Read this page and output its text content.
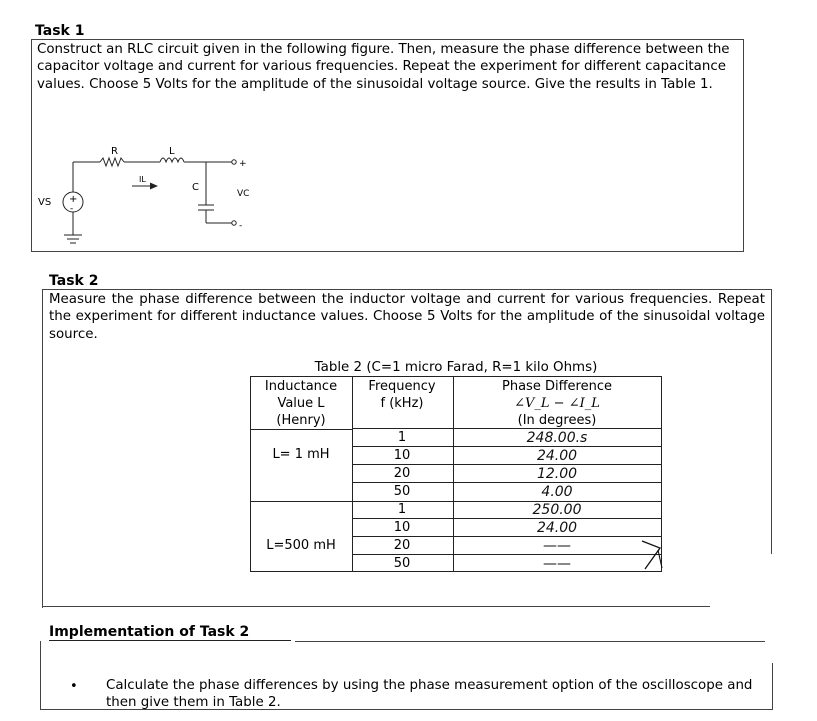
Task 1
Construct an RLC circuit given in the following figure. Then, measure the phase difference between the capacitor voltage and current for various frequencies. Repeat the experiment for different capacitance values. Choose 5 Volts for the amplitude of the sinusoidal voltage source. Give the results in Table 1.
R	L
IL
C
+
VC
-
VS +
-
Task 2
Measure the phase difference between the inductor voltage and current for various frequencies. Repeat the experiment for different inductance values. Choose 5 Volts for the amplitude of the sinusoidal voltage source.
Table 2 (C=1 micro Farad, R=1 kilo Ohms)
Inductance
Value L
(Henry)
Frequency
f (kHz)
Phase Difference
∠V_L − ∠I_L
(In degrees)
L= 1 mH
1
10
20
50
248.00.s
24.00
12.00
4.00
L=500 mH
1
10
20
50
250.00
24.00
——
——
Implementation of Task 2
• Calculate the phase differences by using the phase measurement option of the oscilloscope and then give them in Table 2.
